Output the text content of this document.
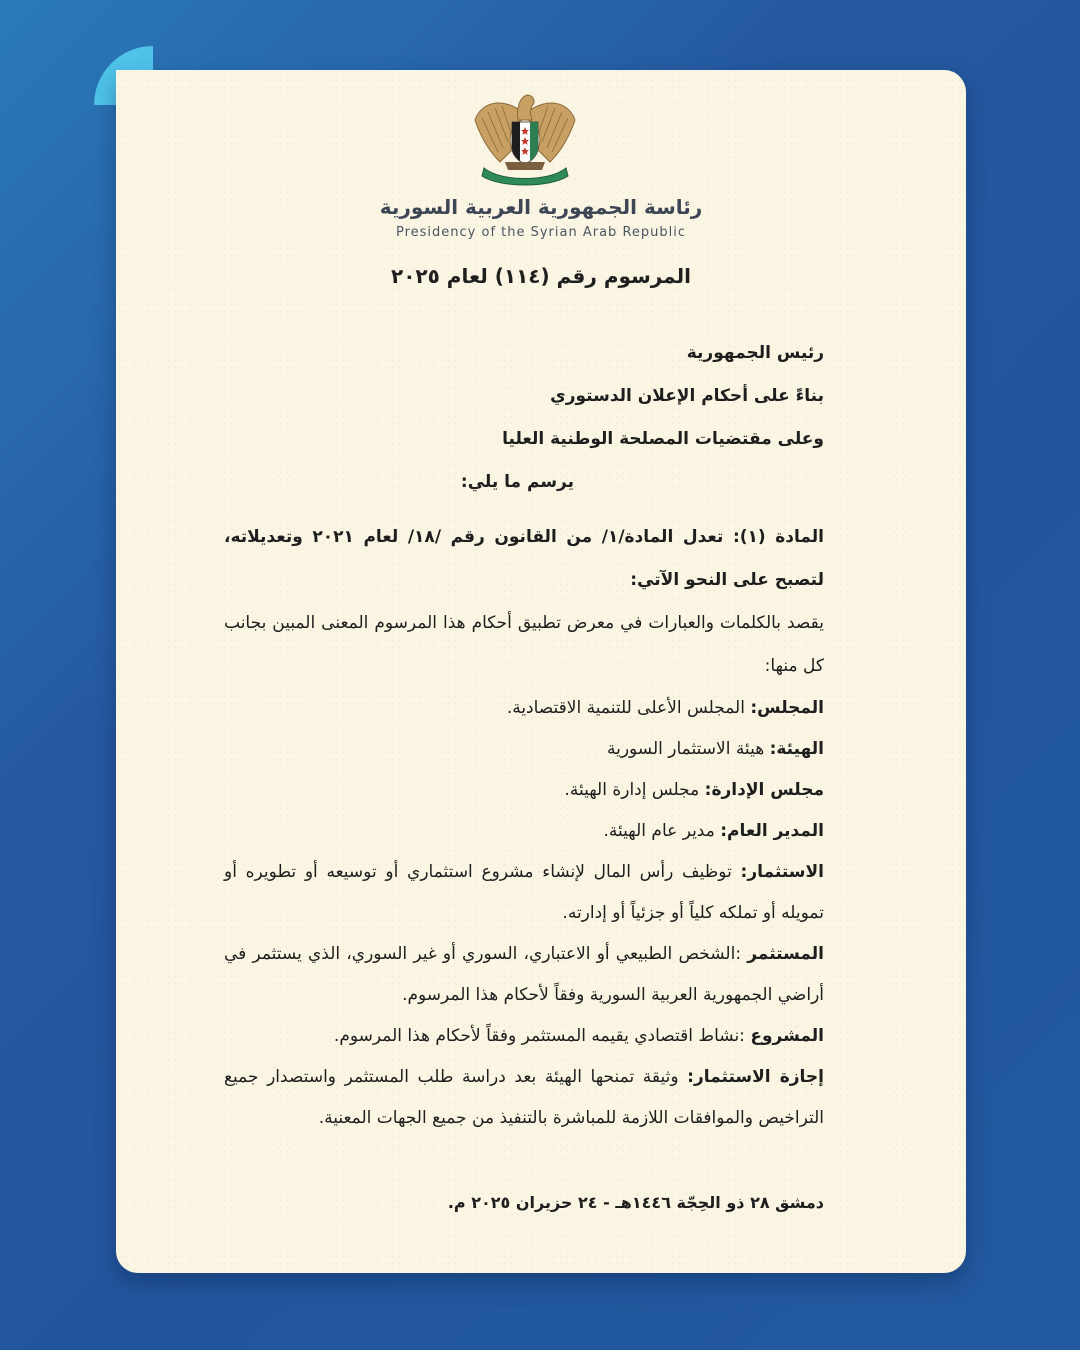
رئاسة الجمهورية العربية السورية
Presidency of the Syrian Arab Republic
المرسوم رقم (١١٤) لعام ٢٠٢٥
رئيس الجمهورية
بناءً على أحكام الإعلان الدستوري
وعلى مقتضيات المصلحة الوطنية العليا
يرسم ما يلي:
المادة (١): تعدل المادة/١/ من القانون رقم /١٨/ لعام ٢٠٢١ وتعديلاته، لتصبح على النحو الآتي:
يقصد بالكلمات والعبارات في معرض تطبيق أحكام هذا المرسوم المعنى المبين بجانب كل منها:
المجلس: المجلس الأعلى للتنمية الاقتصادية.
الهيئة: هيئة الاستثمار السورية
مجلس الإدارة: مجلس إدارة الهيئة.
المدير العام: مدير عام الهيئة.
الاستثمار: توظيف رأس المال لإنشاء مشروع استثماري أو توسيعه أو تطويره أو تمويله أو تملكه كلياً أو جزئياً أو إدارته.
المستثمر :الشخص الطبيعي أو الاعتباري، السوري أو غير السوري، الذي يستثمر في أراضي الجمهورية العربية السورية وفقاً لأحكام هذا المرسوم.
المشروع :نشاط اقتصادي يقيمه المستثمر وفقاً لأحكام هذا المرسوم.
إجازة الاستثمار: وثيقة تمنحها الهيئة بعد دراسة طلب المستثمر واستصدار جميع التراخيص والموافقات اللازمة للمباشرة بالتنفيذ من جميع الجهات المعنية.
دمشق ٢٨ ذو الحِجّة ١٤٤٦هـ - ٢٤ حزيران ٢٠٢٥ م.
